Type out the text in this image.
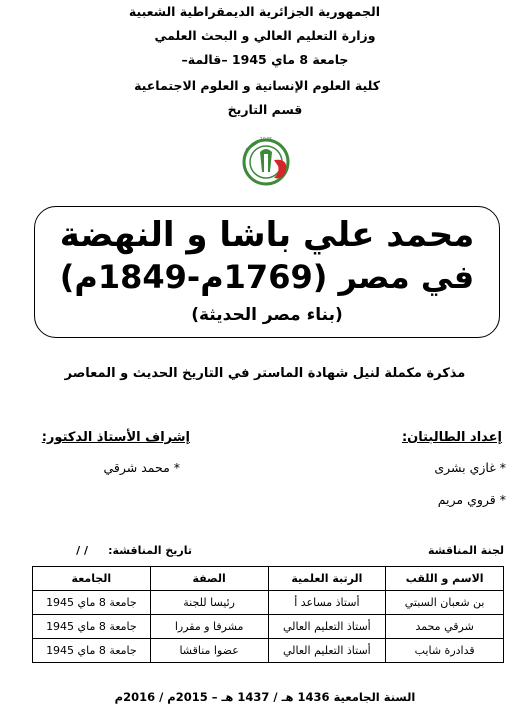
الجمهورية الجزائرية الديمقراطية الشعبية
وزارة التعليم العالي و البحث العلمي
جامعة 8 ماي 1945 –قالمة–
كلية العلوم الإنسانية و العلوم الاجتماعية
قسم التاريخ
1945
محمد علي باشا و النهضة
في مصر (1769م-1849م)
(بناء مصر الحديثة)
مذكرة مكملة لنيل شهادة الماستر في التاريخ الحديث و المعاصر
إعداد الطالبتان:
* غازي بشرى
* قروي مريم
إشراف الأستاذ الدكتور:
* محمد شرقي
لجنة المناقشة
تاريخ المناقشة:
/ /
الاسم و اللقب	الرتبة العلمية	الصفة	الجامعة
بن شعبان السبتي	أستاذ مساعد أ	رئيسا للجنة	جامعة 8 ماي 1945
شرقي محمد	أستاذ التعليم العالي	مشرفا و مقررا	جامعة 8 ماي 1945
قدادرة شايب	أستاذ التعليم العالي	عضوا مناقشا	جامعة 8 ماي 1945
السنة الجامعية 1436 هـ / 1437 هـ – 2015م / 2016م
